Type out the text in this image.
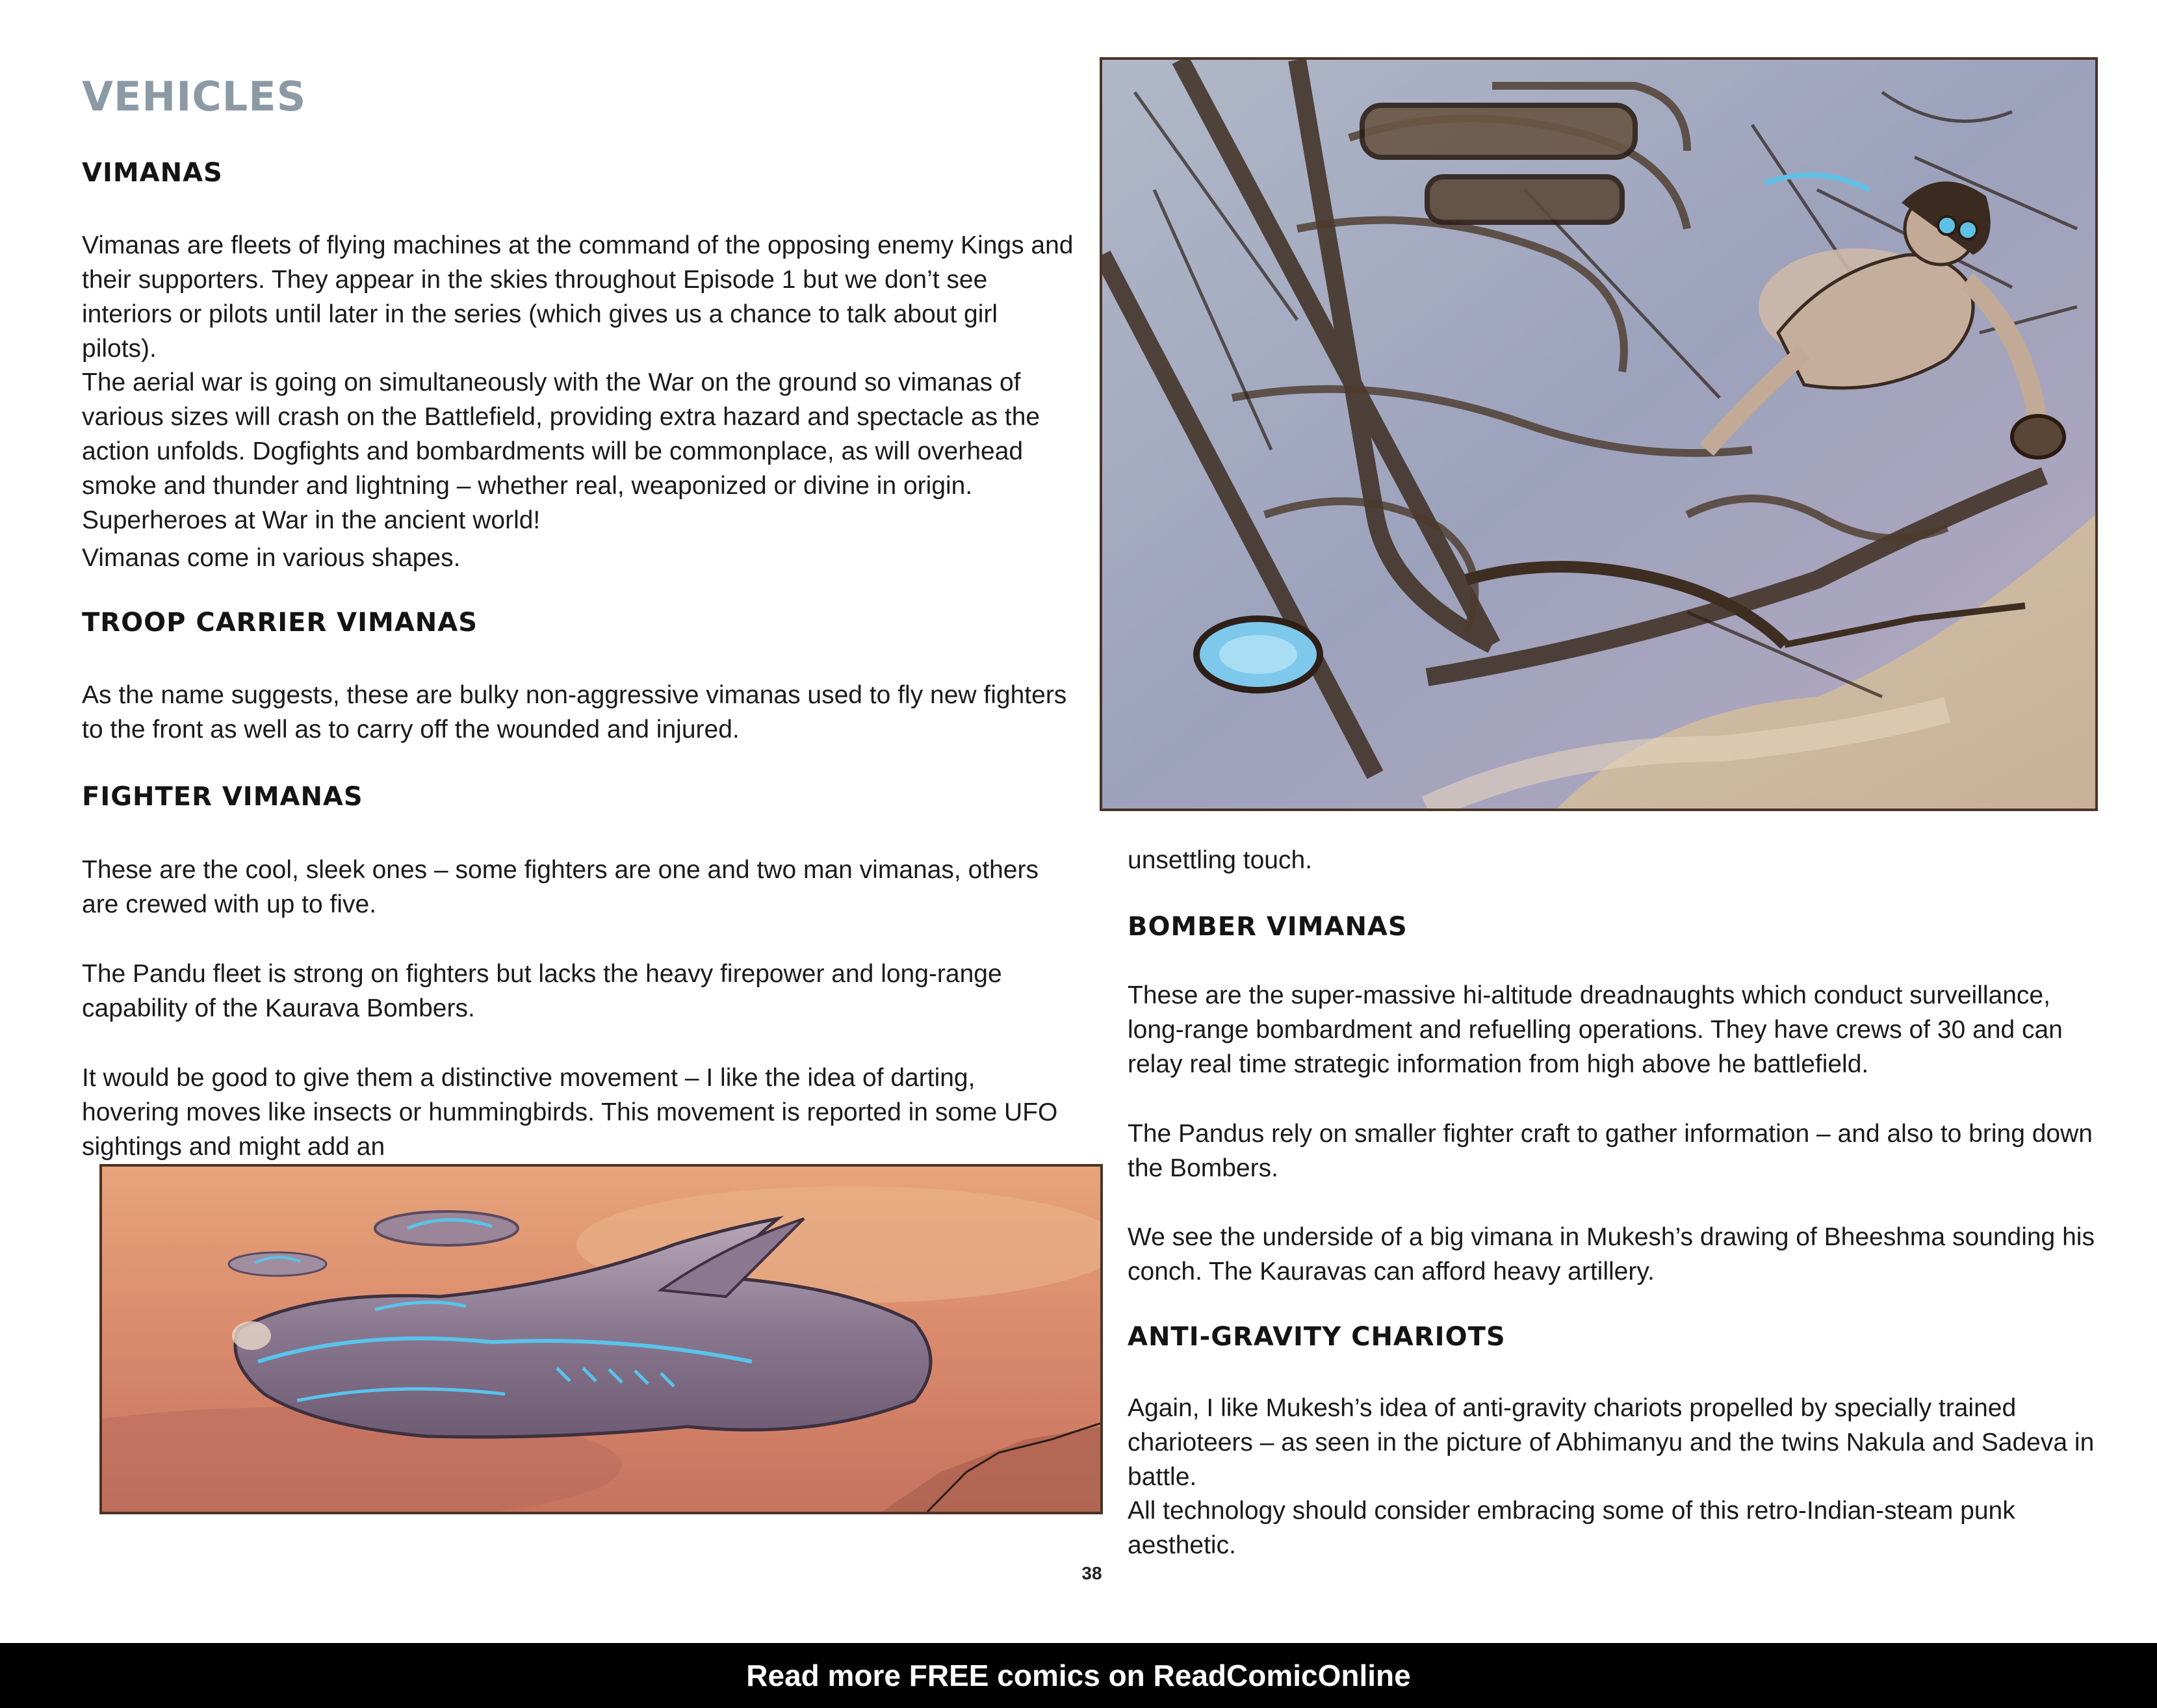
VEHICLES
VIMANAS

Vimanas are fleets of flying machines at the command of the opposing enemy Kings and their supporters. They appear in the skies throughout Episode 1 but we don’t see interiors or pilots until later in the series (which gives us a chance to talk about girl pilots).

The aerial war is going on simultaneously with the War on the ground so vimanas of various sizes will crash on the Battlefield, providing extra hazard and spectacle as the action unfolds. Dogfights and bombardments will be commonplace, as will overhead smoke and thunder and lightning – whether real, weaponized or divine in origin. Superheroes at War in the ancient world!

Vimanas come in various shapes.

TROOP CARRIER VIMANAS

As the name suggests, these are bulky non-aggressive vimanas used to fly new fighters to the front as well as to carry off the wounded and injured.

FIGHTER VIMANAS

These are the cool, sleek ones – some fighters are one and two man vimanas, others are crewed with up to five.

The Pandu fleet is strong on fighters but lacks the heavy firepower and long-range capability of the Kaurava Bombers.

It would be good to give them a distinctive movement – I like the idea of darting, hovering moves like insects or hummingbirds. This movement is reported in some UFO sightings and might add an

unsettling touch.

BOMBER VIMANAS

These are the super-massive hi-altitude dreadnaughts which conduct surveillance, long-range bombardment and refuelling operations. They have crews of 30 and can relay real time strategic information from high above he battlefield.

The Pandus rely on smaller fighter craft to gather information – and also to bring down the Bombers.

We see the underside of a big vimana in Mukesh’s drawing of Bheeshma sounding his conch. The Kauravas can afford heavy artillery.

ANTI-GRAVITY CHARIOTS

Again, I like Mukesh’s idea of anti-gravity chariots propelled by specially trained charioteers – as seen in the picture of Abhimanyu and the twins Nakula and Sadeva in battle.

All technology should consider embracing some of this retro-Indian-steam punk aesthetic.

38
Read more FREE comics on ReadComicOnline
